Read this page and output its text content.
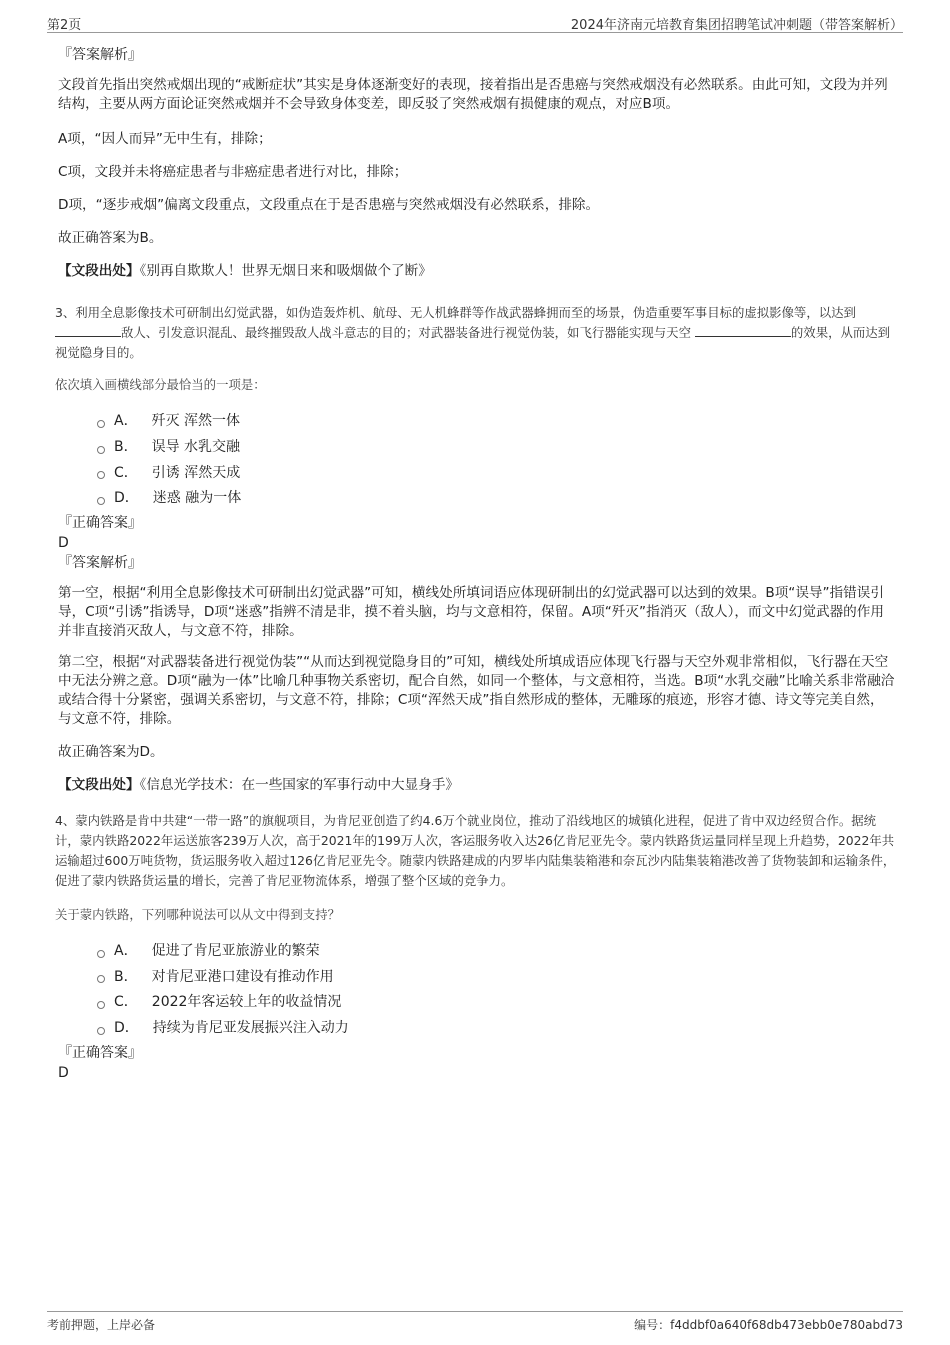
第2页	2024年济南元培教育集团招聘笔试冲刺题（带答案解析）
『答案解析』

文段首先指出突然戒烟出现的“戒断症状”其实是身体逐渐变好的表现，接着指出是否患癌与突然戒烟没有必然联系。由此可知，文段为并列结构，主要从两方面论证突然戒烟并不会导致身体变差，即反驳了突然戒烟有损健康的观点，对应B项。

A项，“因人而异”无中生有，排除；

C项，文段并未将癌症患者与非癌症患者进行对比，排除；

D项，“逐步戒烟”偏离文段重点，文段重点在于是否患癌与突然戒烟没有必然联系，排除。

故正确答案为B。

【文段出处】《别再自欺欺人！世界无烟日来和吸烟做个了断》
3、利用全息影像技术可研制出幻觉武器，如伪造轰炸机、航母、无人机蜂群等作战武器蜂拥而至的场景，伪造重要军事目标的虚拟影像等，以达到 敌人、引发意识混乱、最终摧毁敌人战斗意志的目的；对武器装备进行视觉伪装，如飞行器能实现与天空	的效果，从而达到视觉隐身目的。
依次填入画横线部分最恰当的一项是：
A． 歼灭 浑然一体
B． 误导 水乳交融
C． 引诱 浑然天成
D． 迷惑 融为一体
『正确答案』
D
『答案解析』

第一空，根据“利用全息影像技术可研制出幻觉武器”可知，横线处所填词语应体现研制出的幻觉武器可以达到的效果。B项“误导”指错误引导，C项“引诱”指诱导，D项“迷惑”指辨不清是非，摸不着头脑，均与文意相符，保留。A项“歼灭”指消灭（敌人），而文中幻觉武器的作用并非直接消灭敌人，与文意不符，排除。

第二空，根据“对武器装备进行视觉伪装”“从而达到视觉隐身目的”可知，横线处所填成语应体现飞行器与天空外观非常相似，飞行器在天空中无法分辨之意。D项“融为一体”比喻几种事物关系密切，配合自然，如同一个整体，与文意相符，当选。B项“水乳交融”比喻关系非常融洽或结合得十分紧密，强调关系密切，与文意不符，排除；C项“浑然天成”指自然形成的整体，无雕琢的痕迹，形容才德、诗文等完美自然，与文意不符，排除。

故正确答案为D。

【文段出处】《信息光学技术：在一些国家的军事行动中大显身手》
4、蒙内铁路是肯中共建“一带一路”的旗舰项目，为肯尼亚创造了约4.6万个就业岗位，推动了沿线地区的城镇化进程，促进了肯中双边经贸合作。据统计，蒙内铁路2022年运送旅客239万人次，高于2021年的199万人次，客运服务收入达26亿肯尼亚先令。蒙内铁路货运量同样呈现上升趋势，2022年共运输超过600万吨货物，货运服务收入超过126亿肯尼亚先令。随蒙内铁路建成的内罗毕内陆集装箱港和奈瓦沙内陆集装箱港改善了货物装卸和运输条件，促进了蒙内铁路货运量的增长，完善了肯尼亚物流体系，增强了整个区域的竞争力。
关于蒙内铁路，下列哪种说法可以从文中得到支持？
A． 促进了肯尼亚旅游业的繁荣
B． 对肯尼亚港口建设有推动作用
C． 2022年客运较上年的收益情况
D． 持续为肯尼亚发展振兴注入动力
『正确答案』
D
考前押题，上岸必备	编号：f4ddbf0a640f68db473ebb0e780abd73
